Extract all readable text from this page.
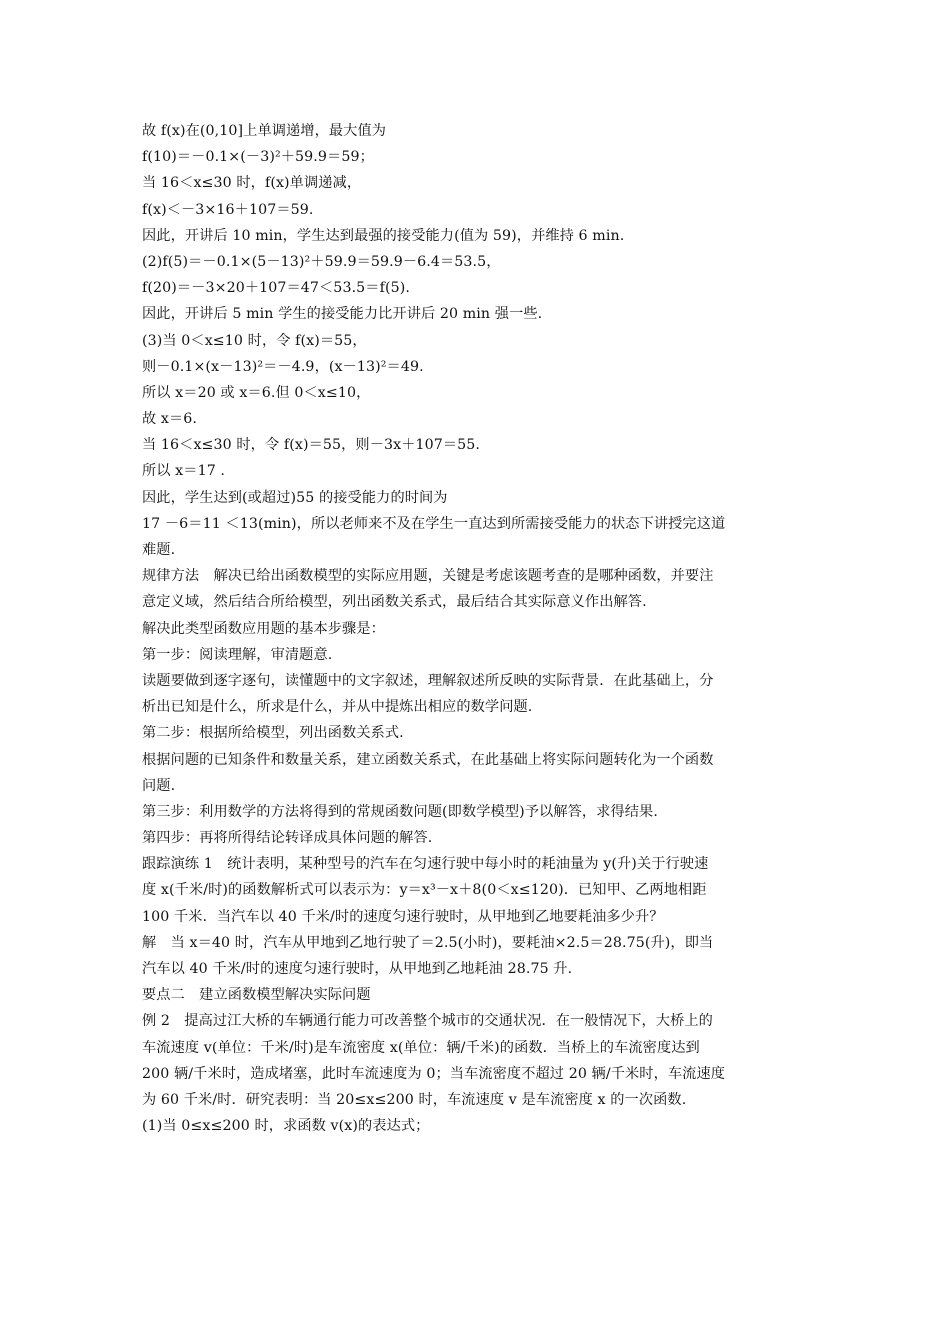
故 f(x)在(0,10]上单调递增，最大值为
f(10)＝－0.1×(－3)²＋59.9＝59；
当 16＜x≤30 时，f(x)单调递减，
f(x)＜－3×16＋107＝59.
因此，开讲后 10 min，学生达到最强的接受能力(值为 59)，并维持 6 min.
(2)f(5)＝－0.1×(5－13)²＋59.9＝59.9－6.4＝53.5，
f(20)＝－3×20＋107＝47＜53.5＝f(5).
因此，开讲后 5 min 学生的接受能力比开讲后 20 min 强一些.
(3)当 0＜x≤10 时，令 f(x)＝55，
则－0.1×(x－13)²＝－4.9，(x－13)²＝49.
所以 x＝20 或 x＝6.但 0＜x≤10，
故 x＝6.
当 16＜x≤30 时，令 f(x)＝55，则－3x＋107＝55.
所以 x＝17 .
因此，学生达到(或超过)55 的接受能力的时间为
17 －6＝11 ＜13(min)，所以老师来不及在学生一直达到所需接受能力的状态下讲授完这道
难题.
规律方法　解决已给出函数模型的实际应用题，关键是考虑该题考查的是哪种函数，并要注
意定义域，然后结合所给模型，列出函数关系式，最后结合其实际意义作出解答.
解决此类型函数应用题的基本步骤是：
第一步：阅读理解，审清题意.
读题要做到逐字逐句，读懂题中的文字叙述，理解叙述所反映的实际背景．在此基础上，分
析出已知是什么，所求是什么，并从中提炼出相应的数学问题.
第二步：根据所给模型，列出函数关系式.
根据问题的已知条件和数量关系，建立函数关系式，在此基础上将实际问题转化为一个函数
问题.
第三步：利用数学的方法将得到的常规函数问题(即数学模型)予以解答，求得结果.
第四步：再将所得结论转译成具体问题的解答.
跟踪演练 1　统计表明，某种型号的汽车在匀速行驶中每小时的耗油量为 y(升)关于行驶速
度 x(千米/时)的函数解析式可以表示为：y＝x³－x＋8(0＜x≤120)．已知甲、乙两地相距
100 千米．当汽车以 40 千米/时的速度匀速行驶时，从甲地到乙地要耗油多少升？
解　当 x＝40 时，汽车从甲地到乙地行驶了＝2.5(小时)，要耗油×2.5＝28.75(升)，即当
汽车以 40 千米/时的速度匀速行驶时，从甲地到乙地耗油 28.75 升.
要点二　建立函数模型解决实际问题
例 2　提高过江大桥的车辆通行能力可改善整个城市的交通状况．在一般情况下，大桥上的
车流速度 v(单位：千米/时)是车流密度 x(单位：辆/千米)的函数．当桥上的车流密度达到
200 辆/千米时，造成堵塞，此时车流速度为 0；当车流密度不超过 20 辆/千米时，车流速度
为 60 千米/时．研究表明：当 20≤x≤200 时，车流速度 v 是车流密度 x 的一次函数.
(1)当 0≤x≤200 时，求函数 v(x)的表达式；
